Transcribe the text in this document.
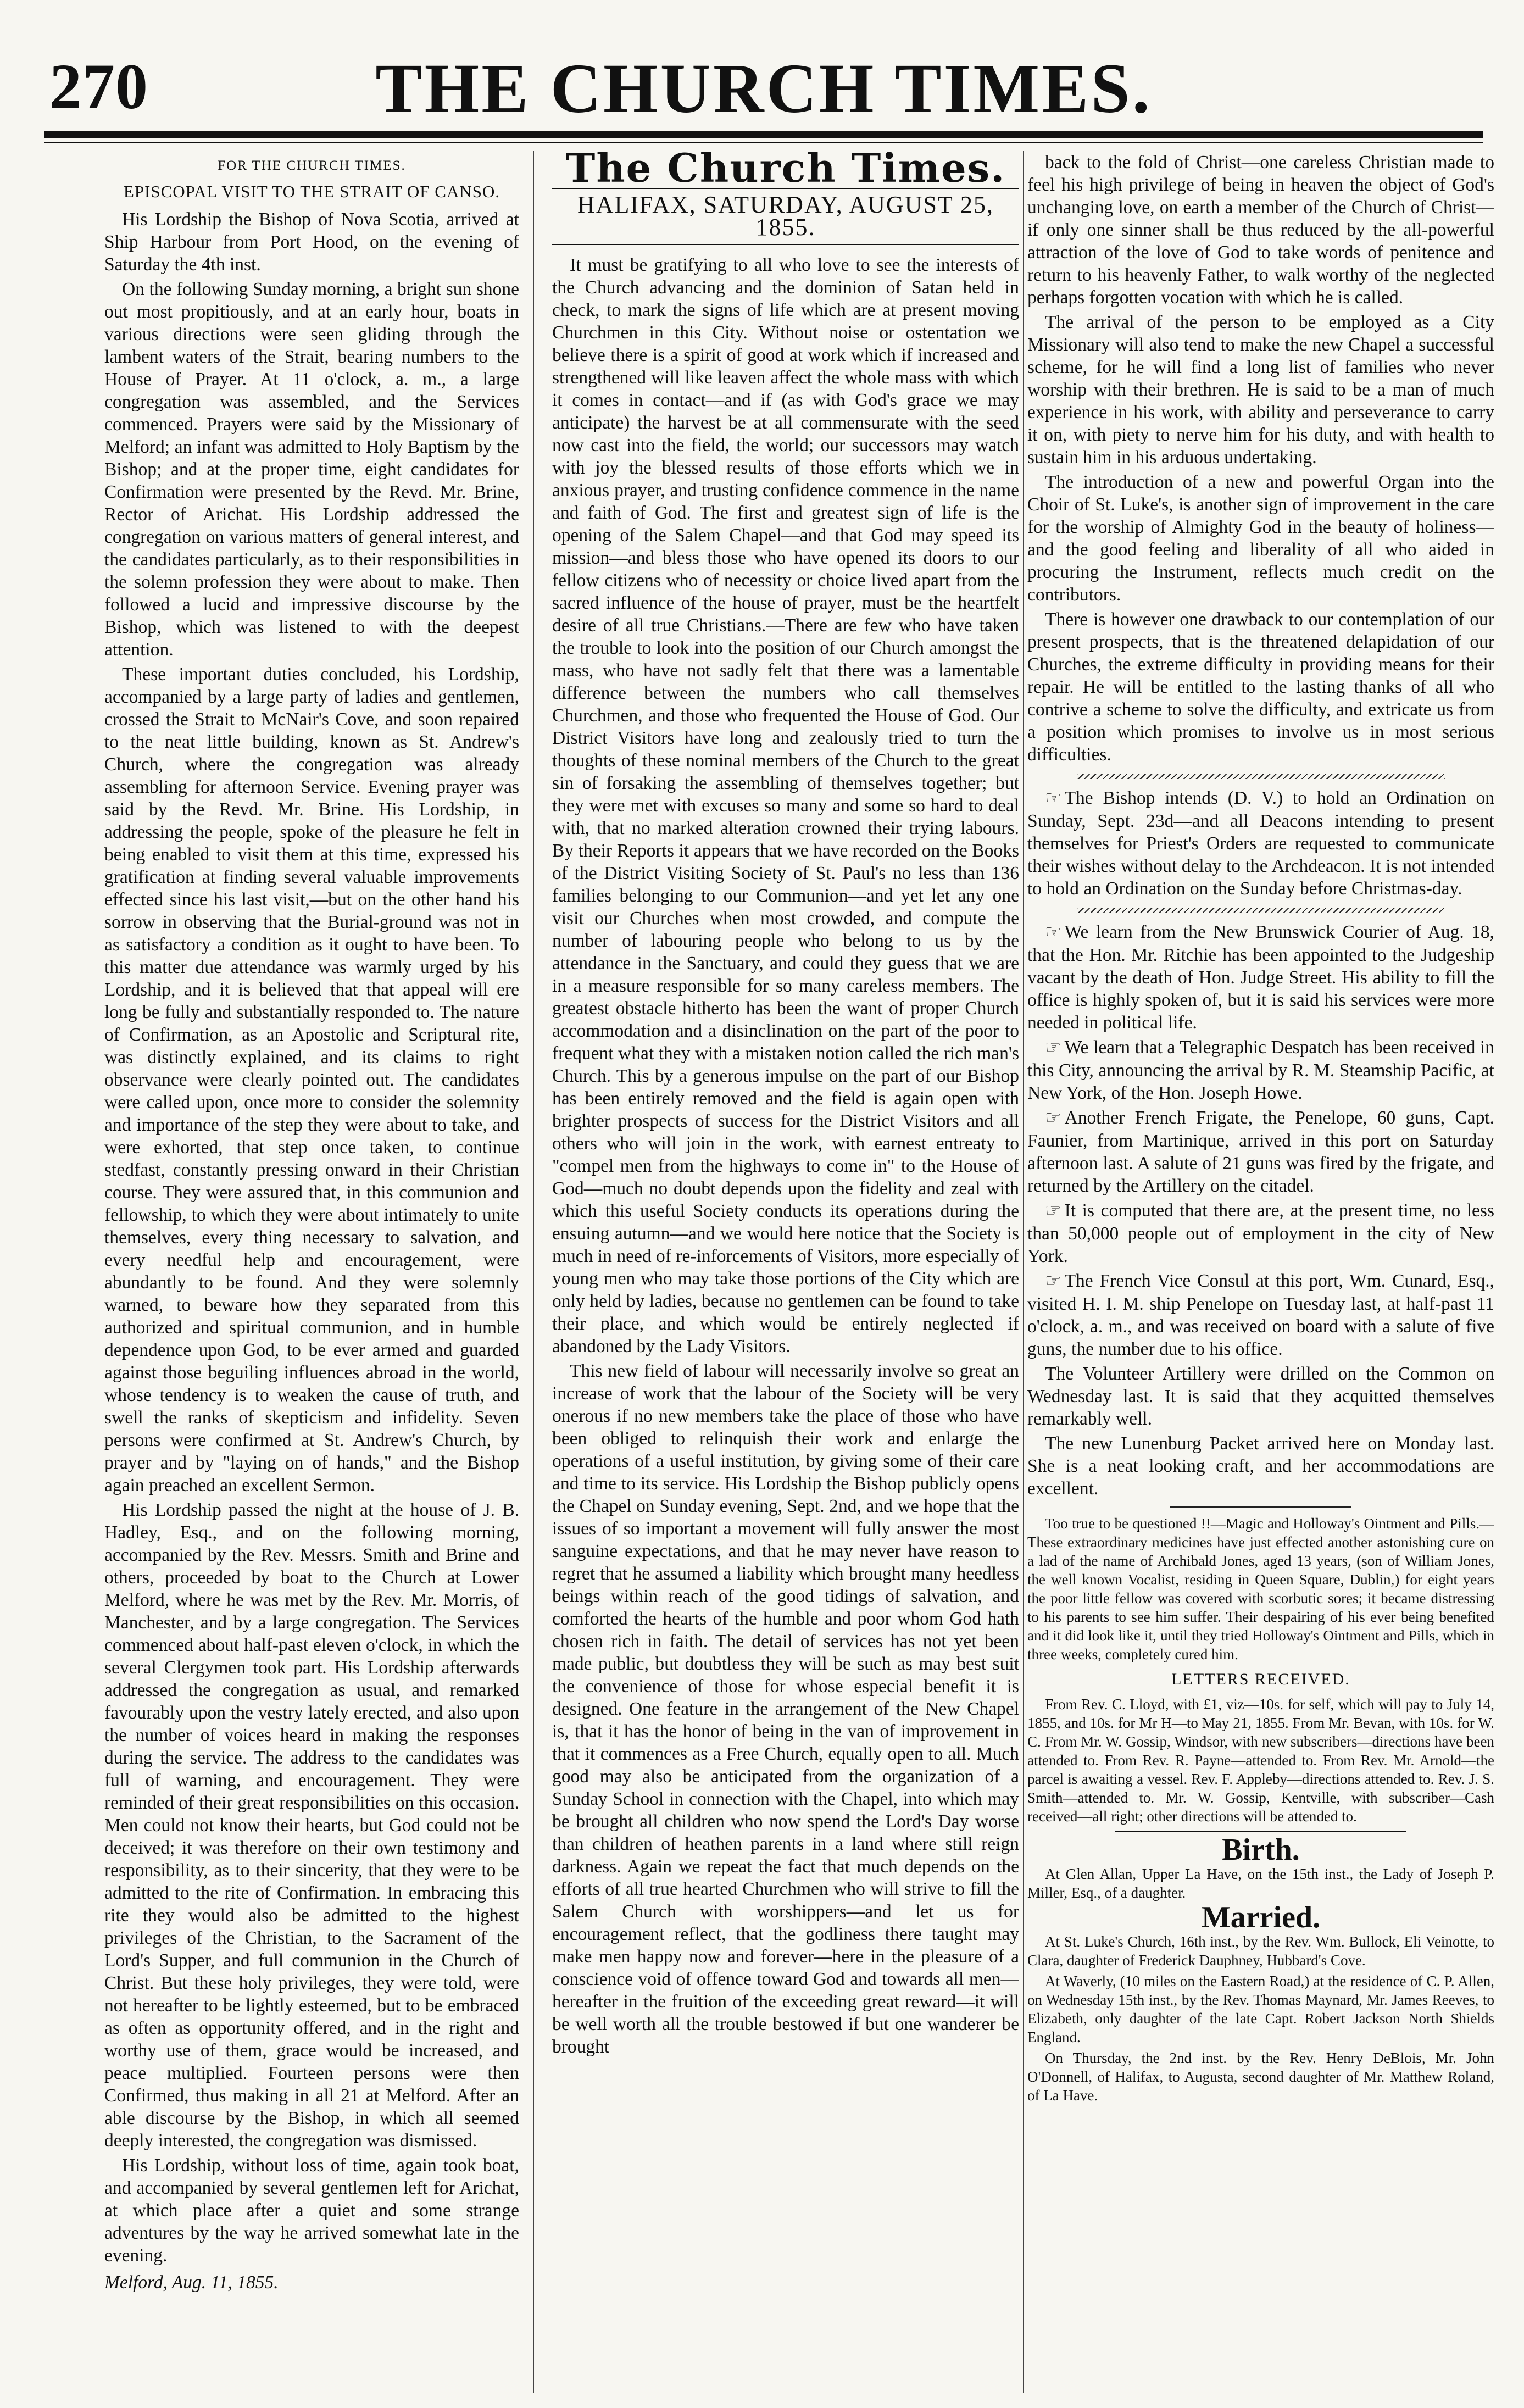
270	THE CHURCH TIMES.
FOR THE CHURCH TIMES.
EPISCOPAL VISIT TO THE STRAIT OF CANSO.

His Lordship the Bishop of Nova Scotia, arrived at Ship Harbour from Port Hood, on the evening of Saturday the 4th inst.

On the following Sunday morning, a bright sun shone out most propitiously, and at an early hour, boats in various directions were seen gliding through the lambent waters of the Strait, bearing numbers to the House of Prayer. At 11 o'clock, a. m., a large congregation was assembled, and the Services commenced. Prayers were said by the Missionary of Melford; an infant was admitted to Holy Baptism by the Bishop; and at the proper time, eight candidates for Confirmation were presented by the Revd. Mr. Brine, Rector of Arichat. His Lordship addressed the congregation on various matters of general interest, and the candidates particularly, as to their responsibilities in the solemn profession they were about to make. Then followed a lucid and impressive discourse by the Bishop, which was listened to with the deepest attention.

These important duties concluded, his Lordship, accompanied by a large party of ladies and gentlemen, crossed the Strait to McNair's Cove, and soon repaired to the neat little building, known as St. Andrew's Church, where the congregation was already assembling for afternoon Service. Evening prayer was said by the Revd. Mr. Brine. His Lordship, in addressing the people, spoke of the pleasure he felt in being enabled to visit them at this time, expressed his gratification at finding several valuable improvements effected since his last visit,—but on the other hand his sorrow in observing that the Burial-ground was not in as satisfactory a condition as it ought to have been. To this matter due attendance was warmly urged by his Lordship, and it is believed that that appeal will ere long be fully and substantially responded to. The nature of Confirmation, as an Apostolic and Scriptural rite, was distinctly explained, and its claims to right observance were clearly pointed out. The candidates were called upon, once more to consider the solemnity and importance of the step they were about to take, and were exhorted, that step once taken, to continue stedfast, constantly pressing onward in their Christian course. They were assured that, in this communion and fellowship, to which they were about intimately to unite themselves, every thing necessary to salvation, and every needful help and encouragement, were abundantly to be found. And they were solemnly warned, to beware how they separated from this authorized and spiritual communion, and in humble dependence upon God, to be ever armed and guarded against those beguiling influences abroad in the world, whose tendency is to weaken the cause of truth, and swell the ranks of skepticism and infidelity. Seven persons were confirmed at St. Andrew's Church, by prayer and by "laying on of hands," and the Bishop again preached an excellent Sermon.

His Lordship passed the night at the house of J. B. Hadley, Esq., and on the following morning, accompanied by the Rev. Messrs. Smith and Brine and others, proceeded by boat to the Church at Lower Melford, where he was met by the Rev. Mr. Morris, of Manchester, and by a large congregation. The Services commenced about half-past eleven o'clock, in which the several Clergymen took part. His Lordship afterwards addressed the congregation as usual, and remarked favourably upon the vestry lately erected, and also upon the number of voices heard in making the responses during the service. The address to the candidates was full of warning, and encouragement. They were reminded of their great responsibilities on this occasion. Men could not know their hearts, but God could not be deceived; it was therefore on their own testimony and responsibility, as to their sincerity, that they were to be admitted to the rite of Confirmation. In embracing this rite they would also be admitted to the highest privileges of the Christian, to the Sacrament of the Lord's Supper, and full communion in the Church of Christ. But these holy privileges, they were told, were not hereafter to be lightly esteemed, but to be embraced as often as opportunity offered, and in the right and worthy use of them, grace would be increased, and peace multiplied. Fourteen persons were then Confirmed, thus making in all 21 at Melford. After an able discourse by the Bishop, in which all seemed deeply interested, the congregation was dismissed.

His Lordship, without loss of time, again took boat, and accompanied by several gentlemen left for Arichat, at which place after a quiet and some strange adventures by the way he arrived somewhat late in the evening.

Melford, Aug. 11, 1855.

The Church Times.
HALIFAX, SATURDAY, AUGUST 25, 1855.

It must be gratifying to all who love to see the interests of the Church advancing and the dominion of Satan held in check, to mark the signs of life which are at present moving Churchmen in this City. Without noise or ostentation we believe there is a spirit of good at work which if increased and strengthened will like leaven affect the whole mass with which it comes in contact—and if (as with God's grace we may anticipate) the harvest be at all commensurate with the seed now cast into the field, the world; our successors may watch with joy the blessed results of those efforts which we in anxious prayer, and trusting confidence commence in the name and faith of God. The first and greatest sign of life is the opening of the Salem Chapel—and that God may speed its mission—and bless those who have opened its doors to our fellow citizens who of necessity or choice lived apart from the sacred influence of the house of prayer, must be the heartfelt desire of all true Christians.—There are few who have taken the trouble to look into the position of our Church amongst the mass, who have not sadly felt that there was a lamentable difference between the numbers who call themselves Churchmen, and those who frequented the House of God. Our District Visitors have long and zealously tried to turn the thoughts of these nominal members of the Church to the great sin of forsaking the assembling of themselves together; but they were met with excuses so many and some so hard to deal with, that no marked alteration crowned their trying labours. By their Reports it appears that we have recorded on the Books of the District Visiting Society of St. Paul's no less than 136 families belonging to our Communion—and yet let any one visit our Churches when most crowded, and compute the number of labouring people who belong to us by the attendance in the Sanctuary, and could they guess that we are in a measure responsible for so many careless members. The greatest obstacle hitherto has been the want of proper Church accommodation and a disinclination on the part of the poor to frequent what they with a mistaken notion called the rich man's Church. This by a generous impulse on the part of our Bishop has been entirely removed and the field is again open with brighter prospects of success for the District Visitors and all others who will join in the work, with earnest entreaty to "compel men from the highways to come in" to the House of God—much no doubt depends upon the fidelity and zeal with which this useful Society conducts its operations during the ensuing autumn—and we would here notice that the Society is much in need of re-inforcements of Visitors, more especially of young men who may take those portions of the City which are only held by ladies, because no gentlemen can be found to take their place, and which would be entirely neglected if abandoned by the Lady Visitors.

This new field of labour will necessarily involve so great an increase of work that the labour of the Society will be very onerous if no new members take the place of those who have been obliged to relinquish their work and enlarge the operations of a useful institution, by giving some of their care and time to its service. His Lordship the Bishop publicly opens the Chapel on Sunday evening, Sept. 2nd, and we hope that the issues of so important a movement will fully answer the most sanguine expectations, and that he may never have reason to regret that he assumed a liability which brought many heedless beings within reach of the good tidings of salvation, and comforted the hearts of the humble and poor whom God hath chosen rich in faith. The detail of services has not yet been made public, but doubtless they will be such as may best suit the convenience of those for whose especial benefit it is designed. One feature in the arrangement of the New Chapel is, that it has the honor of being in the van of improvement in that it commences as a Free Church, equally open to all. Much good may also be anticipated from the organization of a Sunday School in connection with the Chapel, into which may be brought all children who now spend the Lord's Day worse than children of heathen parents in a land where still reign darkness. Again we repeat the fact that much depends on the efforts of all true hearted Churchmen who will strive to fill the Salem Church with worshippers—and let us for encouragement reflect, that the godliness there taught may make men happy now and forever—here in the pleasure of a conscience void of offence toward God and towards all men—hereafter in the fruition of the exceeding great reward—it will be well worth all the trouble bestowed if but one wanderer be brought

back to the fold of Christ—one careless Christian made to feel his high privilege of being in heaven the object of God's unchanging love, on earth a member of the Church of Christ—if only one sinner shall be thus reduced by the all-powerful attraction of the love of God to take words of penitence and return to his heavenly Father, to walk worthy of the neglected perhaps forgotten vocation with which he is called.

The arrival of the person to be employed as a City Missionary will also tend to make the new Chapel a successful scheme, for he will find a long list of families who never worship with their brethren. He is said to be a man of much experience in his work, with ability and perseverance to carry it on, with piety to nerve him for his duty, and with health to sustain him in his arduous undertaking.

The introduction of a new and powerful Organ into the Choir of St. Luke's, is another sign of improvement in the care for the worship of Almighty God in the beauty of holiness—and the good feeling and liberality of all who aided in procuring the Instrument, reflects much credit on the contributors.

There is however one drawback to our contemplation of our present prospects, that is the threatened delapidation of our Churches, the extreme difficulty in providing means for their repair. He will be entitled to the lasting thanks of all who contrive a scheme to solve the difficulty, and extricate us from a position which promises to involve us in most serious difficulties.

☞ The Bishop intends (D. V.) to hold an Ordination on Sunday, Sept. 23d—and all Deacons intending to present themselves for Priest's Orders are requested to communicate their wishes without delay to the Archdeacon. It is not intended to hold an Ordination on the Sunday before Christmas-day.

☞ We learn from the New Brunswick Courier of Aug. 18, that the Hon. Mr. Ritchie has been appointed to the Judgeship vacant by the death of Hon. Judge Street. His ability to fill the office is highly spoken of, but it is said his services were more needed in political life.

☞ We learn that a Telegraphic Despatch has been received in this City, announcing the arrival by R. M. Steamship Pacific, at New York, of the Hon. Joseph Howe.

☞ Another French Frigate, the Penelope, 60 guns, Capt. Faunier, from Martinique, arrived in this port on Saturday afternoon last. A salute of 21 guns was fired by the frigate, and returned by the Artillery on the citadel.

☞ It is computed that there are, at the present time, no less than 50,000 people out of employment in the city of New York.

☞ The French Vice Consul at this port, Wm. Cunard, Esq., visited H. I. M. ship Penelope on Tuesday last, at half-past 11 o'clock, a. m., and was received on board with a salute of five guns, the number due to his office.

The Volunteer Artillery were drilled on the Common on Wednesday last. It is said that they acquitted themselves remarkably well.

The new Lunenburg Packet arrived here on Monday last. She is a neat looking craft, and her accommodations are excellent.

Too true to be questioned !!—Magic and Holloway's Ointment and Pills.—These extraordinary medicines have just effected another astonishing cure on a lad of the name of Archibald Jones, aged 13 years, (son of William Jones, the well known Vocalist, residing in Queen Square, Dublin,) for eight years the poor little fellow was covered with scorbutic sores; it became distressing to his parents to see him suffer. Their despairing of his ever being benefited and it did look like it, until they tried Holloway's Ointment and Pills, which in three weeks, completely cured him.

LETTERS RECEIVED.

From Rev. C. Lloyd, with £1, viz—10s. for self, which will pay to July 14, 1855, and 10s. for Mr H—to May 21, 1855. From Mr. Bevan, with 10s. for W. C. From Mr. W. Gossip, Windsor, with new subscribers—directions have been attended to. From Rev. R. Payne—attended to. From Rev. Mr. Arnold—the parcel is awaiting a vessel. Rev. F. Appleby—directions attended to. Rev. J. S. Smith—attended to. Mr. W. Gossip, Kentville, with subscriber—Cash received—all right; other directions will be attended to.

Birth.

At Glen Allan, Upper La Have, on the 15th inst., the Lady of Joseph P. Miller, Esq., of a daughter.

Married.

At St. Luke's Church, 16th inst., by the Rev. Wm. Bullock, Eli Veinotte, to Clara, daughter of Frederick Dauphney, Hubbard's Cove.

At Waverly, (10 miles on the Eastern Road,) at the residence of C. P. Allen, on Wednesday 15th inst., by the Rev. Thomas Maynard, Mr. James Reeves, to Elizabeth, only daughter of the late Capt. Robert Jackson North Shields England.

On Thursday, the 2nd inst. by the Rev. Henry DeBlois, Mr. John O'Donnell, of Halifax, to Augusta, second daughter of Mr. Matthew Roland, of La Have.
